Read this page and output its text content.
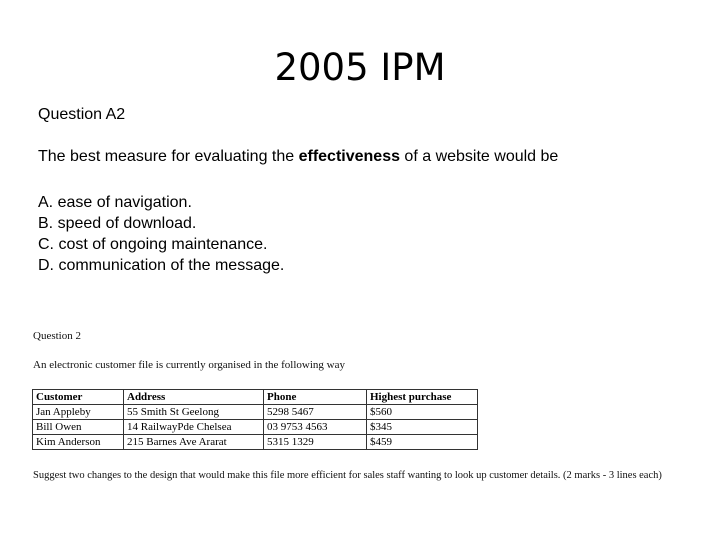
2005 IPM
Question A2
The best measure for evaluating the effectiveness of a website would be
A. ease of navigation.
B. speed of download.
C. cost of ongoing maintenance.
D. communication of the message.
Question 2
An electronic customer file is currently organised in the following way
Customer	Address	Phone	Highest purchase
Jan Appleby	55 Smith St Geelong	5298 5467	$560
Bill Owen	14 RailwayPde Chelsea	03 9753 4563	$345
Kim Anderson	215 Barnes Ave Ararat	5315 1329	$459
Suggest two changes to the design that would make this file more efficient for sales staff wanting to look up customer details. (2 marks - 3 lines each)
